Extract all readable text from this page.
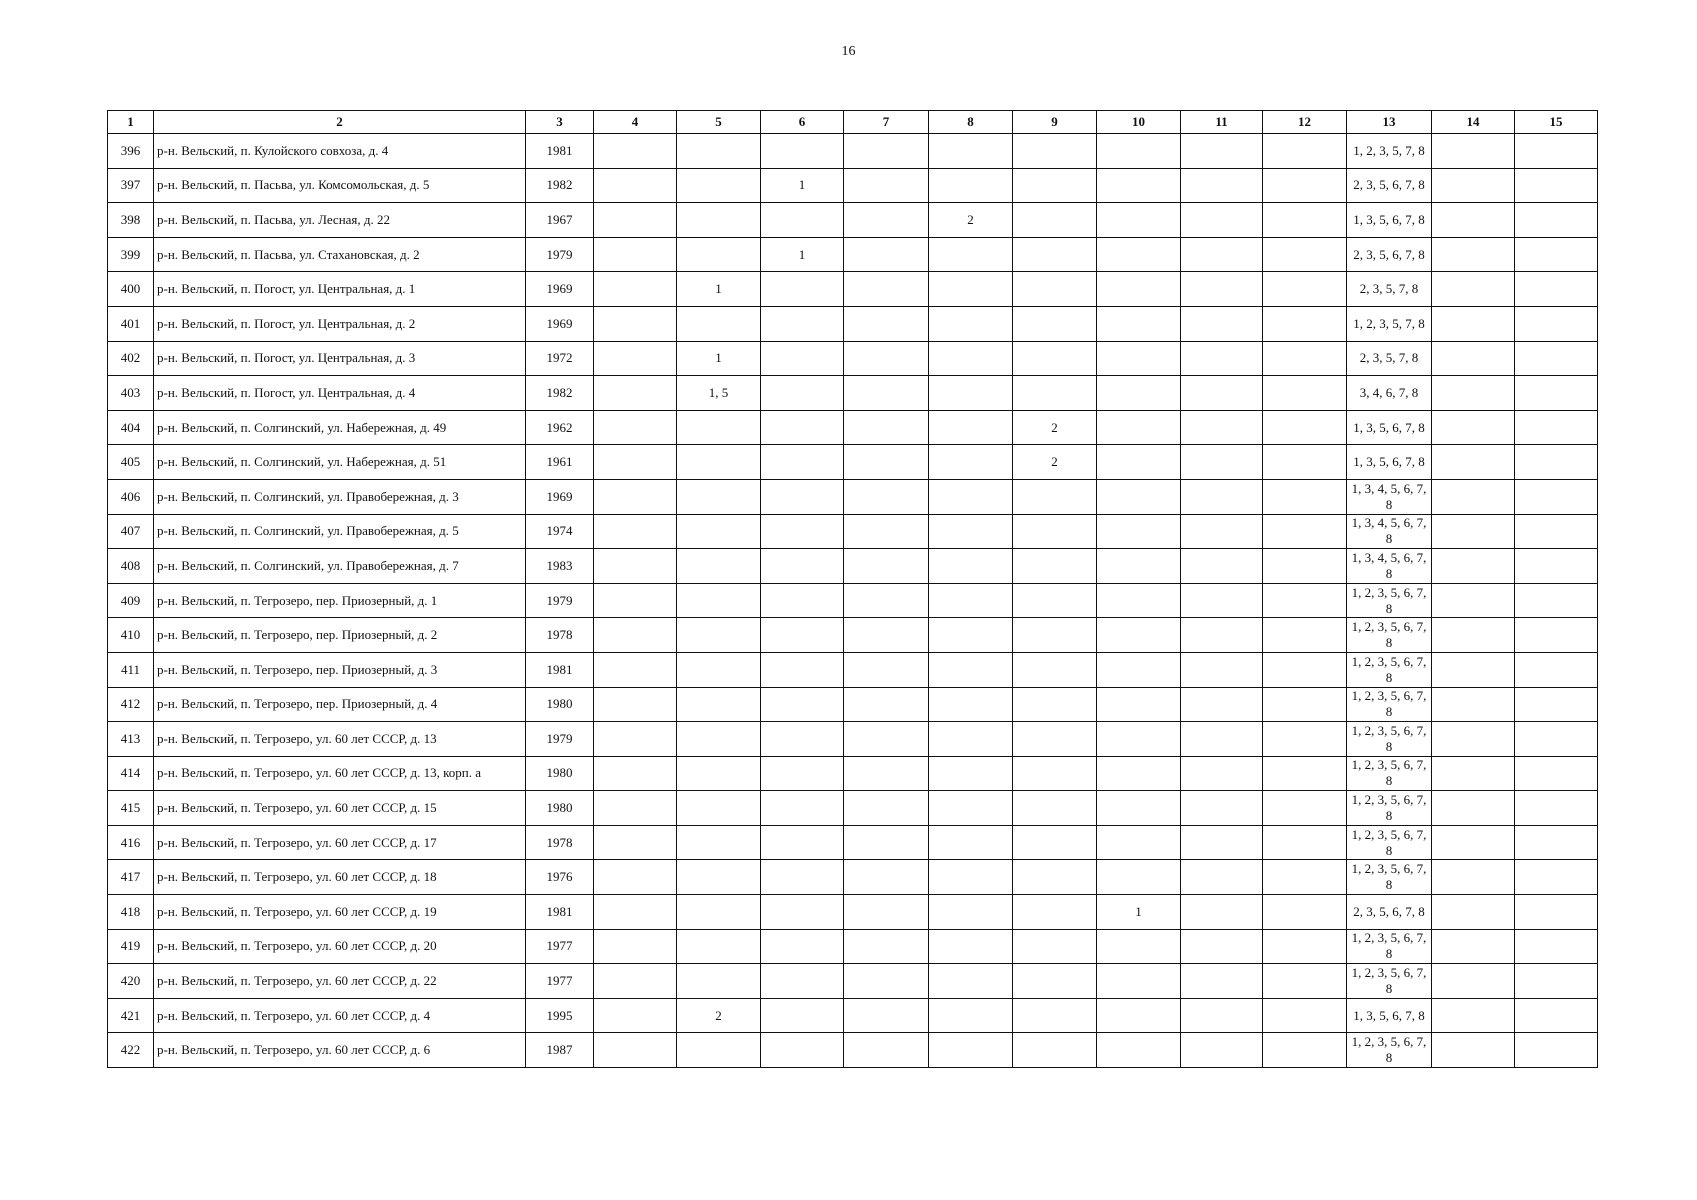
16
1	2	3	4	5	6	7	8	9	10	11	12	13	14	15
396	р-н. Вельский, п. Кулойского совхоза, д. 4	1981										1, 2, 3, 5, 7, 8		
397	р-н. Вельский, п. Пасьва, ул. Комсомольская, д. 5	1982			1							2, 3, 5, 6, 7, 8		
398	р-н. Вельский, п. Пасьва, ул. Лесная, д. 22	1967					2					1, 3, 5, 6, 7, 8		
399	р-н. Вельский, п. Пасьва, ул. Стахановская, д. 2	1979			1							2, 3, 5, 6, 7, 8		
400	р-н. Вельский, п. Погост, ул. Центральная, д. 1	1969		1								2, 3, 5, 7, 8		
401	р-н. Вельский, п. Погост, ул. Центральная, д. 2	1969										1, 2, 3, 5, 7, 8		
402	р-н. Вельский, п. Погост, ул. Центральная, д. 3	1972		1								2, 3, 5, 7, 8		
403	р-н. Вельский, п. Погост, ул. Центральная, д. 4	1982		1, 5								3, 4, 6, 7, 8		
404	р-н. Вельский, п. Солгинский, ул. Набережная, д. 49	1962						2				1, 3, 5, 6, 7, 8		
405	р-н. Вельский, п. Солгинский, ул. Набережная, д. 51	1961						2				1, 3, 5, 6, 7, 8		
406	р-н. Вельский, п. Солгинский, ул. Правобережная, д. 3	1969										1, 3, 4, 5, 6, 7, 8		
407	р-н. Вельский, п. Солгинский, ул. Правобережная, д. 5	1974										1, 3, 4, 5, 6, 7, 8		
408	р-н. Вельский, п. Солгинский, ул. Правобережная, д. 7	1983										1, 3, 4, 5, 6, 7, 8		
409	р-н. Вельский, п. Тегрозеро, пер. Приозерный, д. 1	1979										1, 2, 3, 5, 6, 7, 8		
410	р-н. Вельский, п. Тегрозеро, пер. Приозерный, д. 2	1978										1, 2, 3, 5, 6, 7, 8		
411	р-н. Вельский, п. Тегрозеро, пер. Приозерный, д. 3	1981										1, 2, 3, 5, 6, 7, 8		
412	р-н. Вельский, п. Тегрозеро, пер. Приозерный, д. 4	1980										1, 2, 3, 5, 6, 7, 8		
413	р-н. Вельский, п. Тегрозеро, ул. 60 лет СССР, д. 13	1979										1, 2, 3, 5, 6, 7, 8		
414	р-н. Вельский, п. Тегрозеро, ул. 60 лет СССР, д. 13, корп. а	1980										1, 2, 3, 5, 6, 7, 8		
415	р-н. Вельский, п. Тегрозеро, ул. 60 лет СССР, д. 15	1980										1, 2, 3, 5, 6, 7, 8		
416	р-н. Вельский, п. Тегрозеро, ул. 60 лет СССР, д. 17	1978										1, 2, 3, 5, 6, 7, 8		
417	р-н. Вельский, п. Тегрозеро, ул. 60 лет СССР, д. 18	1976										1, 2, 3, 5, 6, 7, 8		
418	р-н. Вельский, п. Тегрозеро, ул. 60 лет СССР, д. 19	1981							1			2, 3, 5, 6, 7, 8		
419	р-н. Вельский, п. Тегрозеро, ул. 60 лет СССР, д. 20	1977										1, 2, 3, 5, 6, 7, 8		
420	р-н. Вельский, п. Тегрозеро, ул. 60 лет СССР, д. 22	1977										1, 2, 3, 5, 6, 7, 8		
421	р-н. Вельский, п. Тегрозеро, ул. 60 лет СССР, д. 4	1995		2								1, 3, 5, 6, 7, 8		
422	р-н. Вельский, п. Тегрозеро, ул. 60 лет СССР, д. 6	1987										1, 2, 3, 5, 6, 7, 8		
